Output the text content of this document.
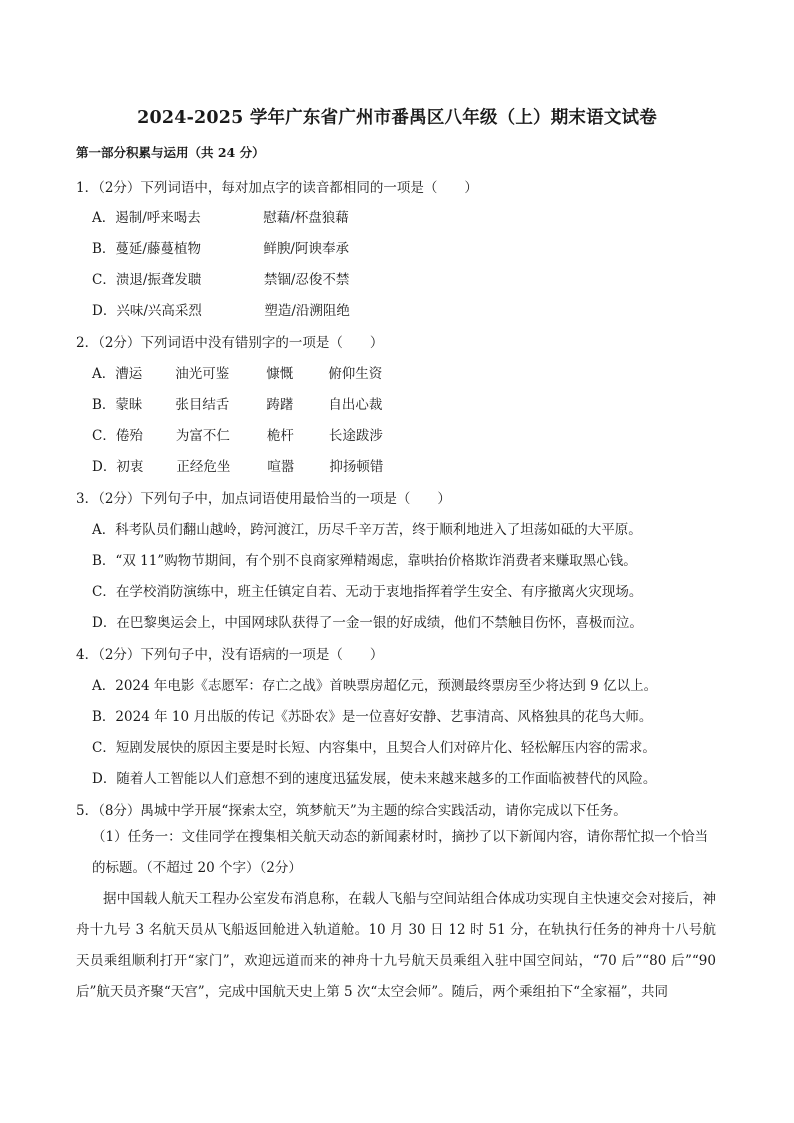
2024-2025 学年广东省广州市番禺区八年级（上）期末语文试卷
第一部分积累与运用（共 24 分）
1．（2分）下列词语中，每对加点字的读音都相同的一项是（　　）
A．遏制/呼来喝去	慰藉/杯盘狼藉
B．蔓延/藤蔓植物	鲜腴/阿谀奉承
C．溃退/振聋发聩	禁锢/忍俊不禁
D．兴味/兴高采烈	塑造/沿溯阻绝
2．（2分）下列词语中没有错别字的一项是（　　）
A．漕运 油光可鉴	慷慨	俯仰生资
B．蒙昧 张目结舌	踌躇	自出心裁
C．倦殆 为富不仁	桅杆	长途跋涉
D．初衷 正经危坐	喧嚣	抑扬顿错
3．（2分）下列句子中，加点词语使用最恰当的一项是（　　）
A．科考队员们翻山越岭，跨河渡江，历尽千辛万苦，终于顺利地进入了坦荡如砥的大平原。
B．“双 11”购物节期间，有个别不良商家殚精竭虑，靠哄抬价格欺诈消费者来赚取黑心钱。
C．在学校消防演练中，班主任镇定自若、无动于衷地指挥着学生安全、有序撤离火灾现场。
D．在巴黎奥运会上，中国网球队获得了一金一银的好成绩，他们不禁触目伤怀，喜极而泣。
4．（2分）下列句子中，没有语病的一项是（　　）
A．2024 年电影《志愿军：存亡之战》首映票房超亿元，预测最终票房至少将达到 9 亿以上。
B．2024 年 10 月出版的传记《苏卧农》是一位喜好安静、艺事清高、风格独具的花鸟大师。
C．短剧发展快的原因主要是时长短、内容集中，且契合人们对碎片化、轻松解压内容的需求。
D．随着人工智能以人们意想不到的速度迅猛发展，使未来越来越多的工作面临被替代的风险。
5．（8分）禺城中学开展“探索太空，筑梦航天”为主题的综合实践活动，请你完成以下任务。
（1）任务一：文佳同学在搜集相关航天动态的新闻素材时，摘抄了以下新闻内容，请你帮忙拟一个恰当的标题。（不超过 20 个字）（2分）
据中国载人航天工程办公室发布消息称，在载人飞船与空间站组合体成功实现自主快速交会对接后，神舟十九号 3 名航天员从飞船返回舱进入轨道舱。10 月 30 日 12 时 51 分，在轨执行任务的神舟十八号航天员乘组顺利打开“家门”，欢迎远道而来的神舟十九号航天员乘组入驻中国空间站，“70 后”“80 后”“90 后”航天员齐聚“天宫”，完成中国航天史上第 5 次“太空会师”。随后，两个乘组拍下“全家福”，共同
